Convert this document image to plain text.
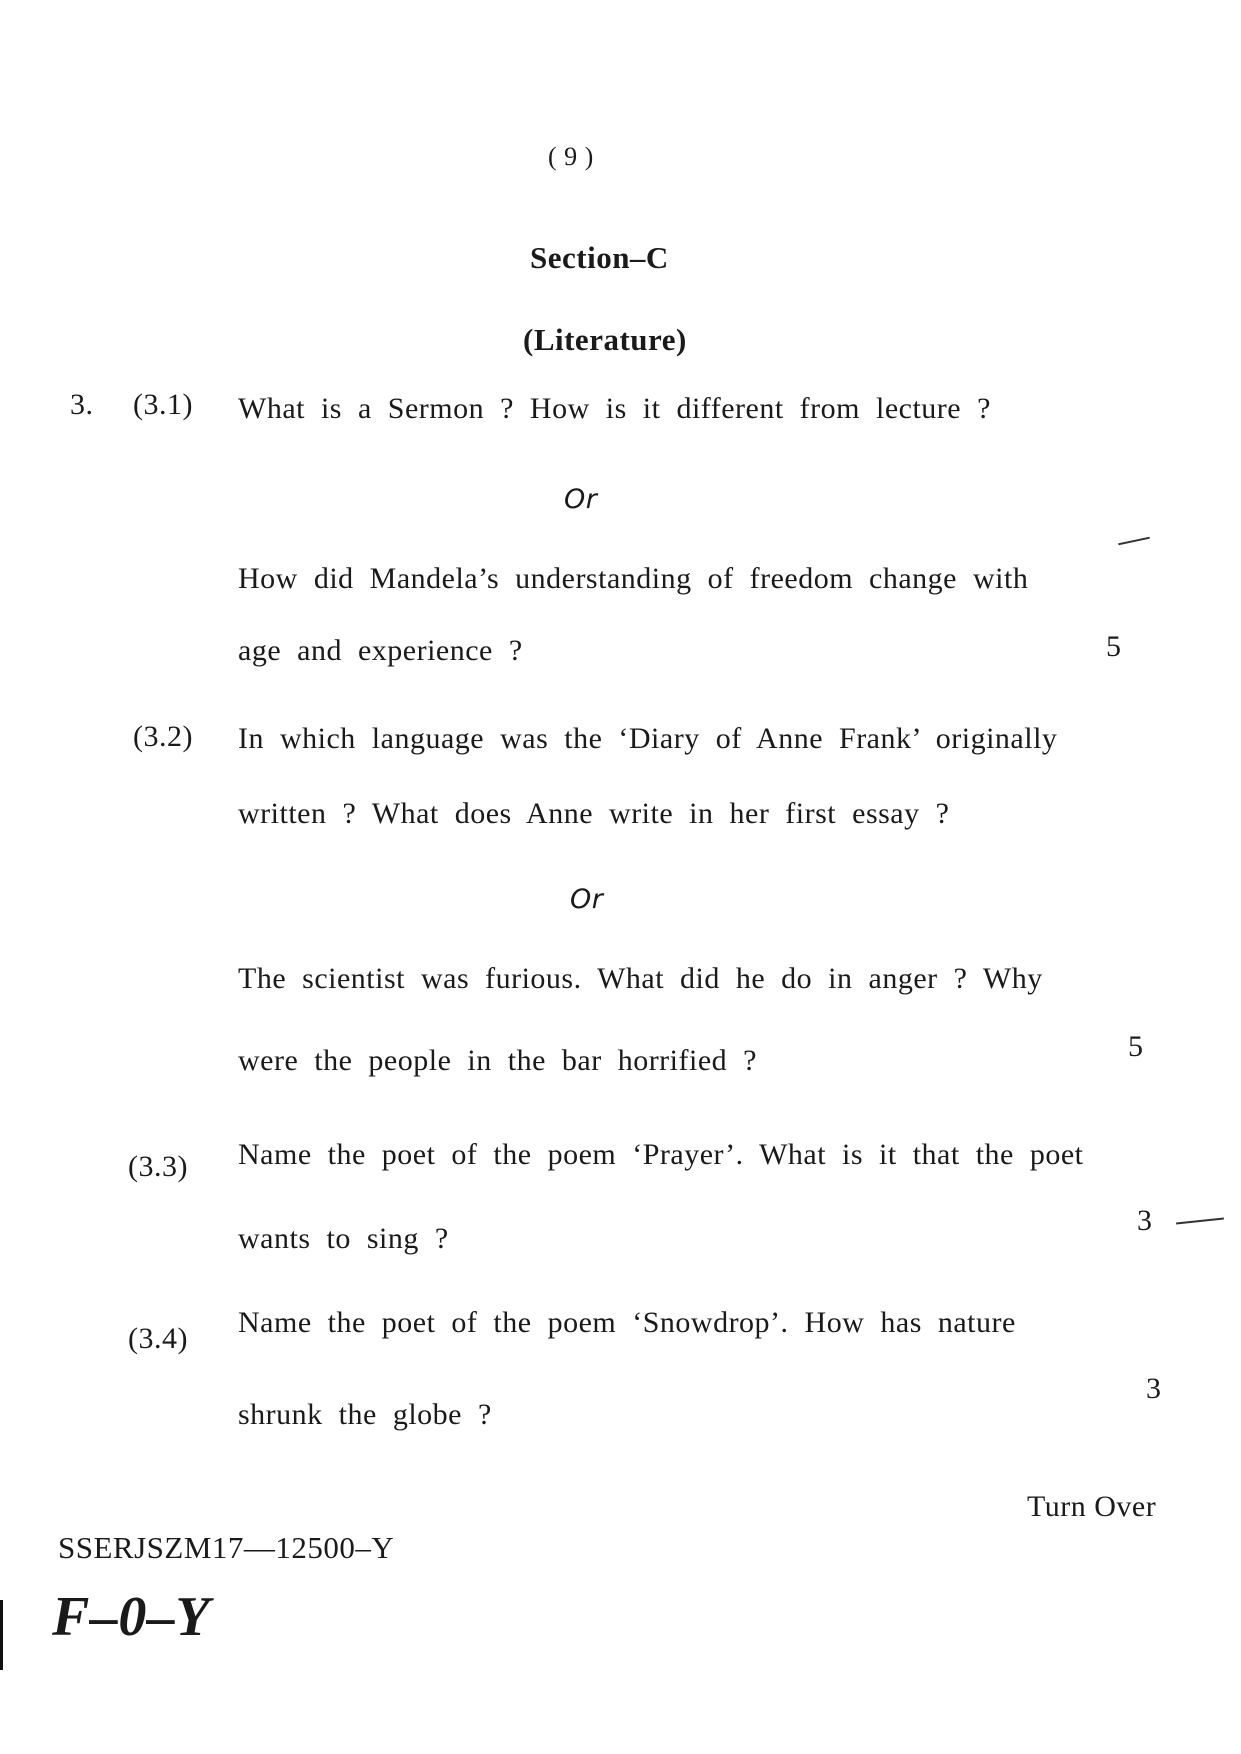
( 9 )
Section–C
(Literature)
3. (3.1) What is a Sermon ? How is it different from lecture ?
Or
How did Mandela’s understanding of freedom change with
age and experience ?	5
(3.2) In which language was the ‘Diary of Anne Frank’ originally
written ? What does Anne write in her first essay ?
Or
The scientist was furious. What did he do in anger ? Why
were the people in the bar horrified ?	5
(3.3) Name the poet of the poem ‘Prayer’. What is it that the poet
wants to sing ?
3
(3.4) Name the poet of the poem ‘Snowdrop’. How has nature
shrunk the globe ?
3
Turn Over
SSERJSZM17—12500–Y
F–0–Y
